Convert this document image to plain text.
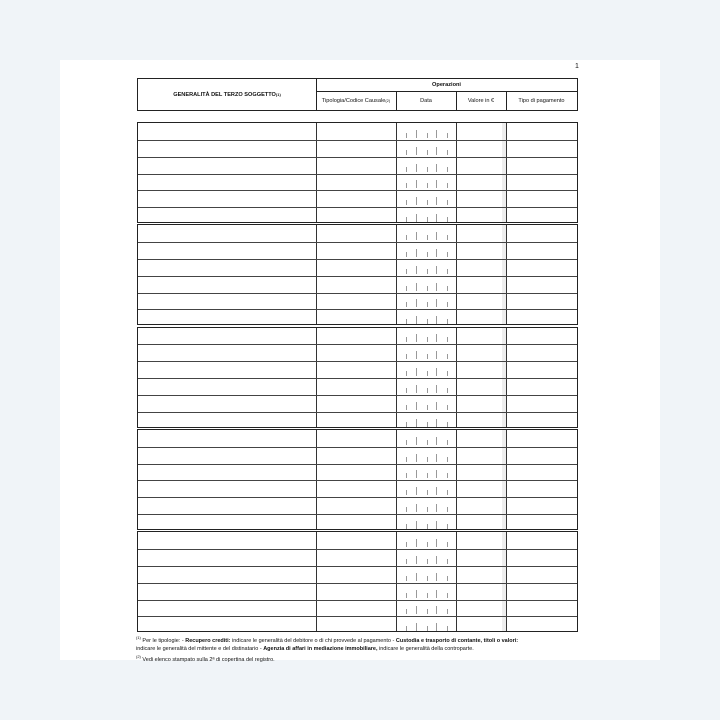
1
GENERALITÀ DEL TERZO SOGGETTO (1)
Operazioni
Tipologia/Codice Causale (2)	Data	Valore in €	Tipo di pagamento
$^{(1)}$ Per le tipologie: - Recupero crediti: indicare le generalità del debitore o di chi provvede al pagamento - Custodia e trasporto di contante, titoli o valori:
indicare le generalità del mittente e del distinatario - Agenzia di affari in mediazione immobiliare, indicare le generalità della controparte.
$^{(2)}$ Vedi elenco stampato sulla 2ª di copertina del registro.
